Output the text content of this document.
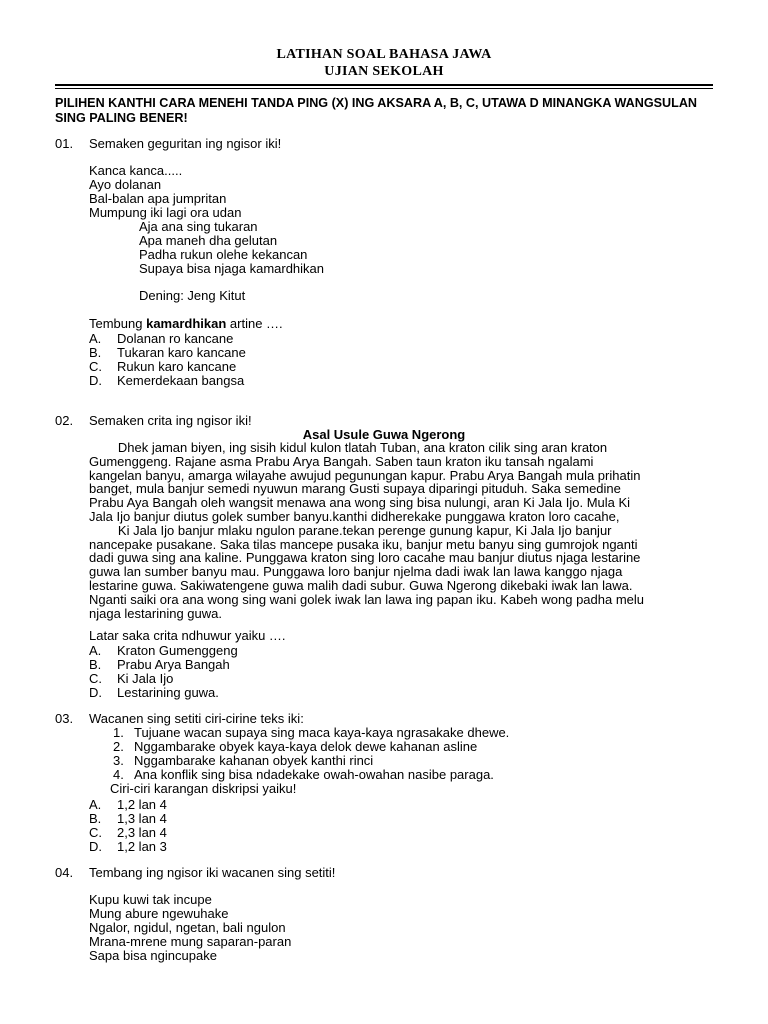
LATIHAN SOAL BAHASA JAWA
UJIAN SEKOLAH
PILIHEN KANTHI CARA MENEHI TANDA PING (X) ING AKSARA A, B, C, UTAWA D MINANGKA WANGSULAN SING PALING BENER!
01. Semaken geguritan ing ngisor iki!
Kanca kanca.....
Ayo dolanan
Bal-balan apa jumpritan
Mumpung iki lagi ora udan
Aja ana sing tukaran
Apa maneh dha gelutan
Padha rukun olehe kekancan
Supaya bisa njaga kamardhikan
Dening: Jeng Kitut
Tembung kamardhikan artine ….
A. Dolanan ro kancane
B. Tukaran karo kancane
C. Rukun karo kancane
D. Kemerdekaan bangsa
02. Semaken crita ing ngisor iki!
Asal Usule Guwa Ngerong
Dhek jaman biyen, ing sisih kidul kulon tlatah Tuban, ana kraton cilik sing aran kraton
Gumenggeng. Rajane asma Prabu Arya Bangah. Saben taun kraton iku tansah ngalami
kangelan banyu, amarga wilayahe awujud pegunungan kapur. Prabu Arya Bangah mula prihatin
banget, mula banjur semedi nyuwun marang Gusti supaya diparingi pituduh. Saka semedine
Prabu Aya Bangah oleh wangsit menawa ana wong sing bisa nulungi, aran Ki Jala Ijo. Mula Ki
Jala Ijo banjur diutus golek sumber banyu.kanthi didherekake punggawa kraton loro cacahe,
Ki Jala Ijo banjur mlaku ngulon parane.tekan perenge gunung kapur, Ki Jala Ijo banjur
nancepake pusakane. Saka tilas mancepe pusaka iku, banjur metu banyu sing gumrojok nganti
dadi guwa sing ana kaline. Punggawa kraton sing loro cacahe mau banjur diutus njaga lestarine
guwa lan sumber banyu mau. Punggawa loro banjur njelma dadi iwak lan lawa kanggo njaga
lestarine guwa. Sakiwatengene guwa malih dadi subur. Guwa Ngerong dikebaki iwak lan lawa.
Nganti saiki ora ana wong sing wani golek iwak lan lawa ing papan iku. Kabeh wong padha melu
njaga lestarining guwa.
Latar saka crita ndhuwur yaiku ….
A. Kraton Gumenggeng
B. Prabu Arya Bangah
C. Ki Jala Ijo
D. Lestarining guwa.
03. Wacanen sing setiti ciri-cirine teks iki:
1. Tujuane wacan supaya sing maca kaya-kaya ngrasakake dhewe.
2. Nggambarake obyek kaya-kaya delok dewe kahanan asline
3. Nggambarake kahanan obyek kanthi rinci
4. Ana konflik sing bisa ndadekake owah-owahan nasibe paraga.
Ciri-ciri karangan diskripsi yaiku!
A. 1,2 lan 4
B. 1,3 lan 4
C. 2,3 lan 4
D. 1,2 lan 3
04. Tembang ing ngisor iki wacanen sing setiti!
Kupu kuwi tak incupe
Mung abure ngewuhake
Ngalor, ngidul, ngetan, bali ngulon
Mrana-mrene mung saparan-paran
Sapa bisa ngincupake
